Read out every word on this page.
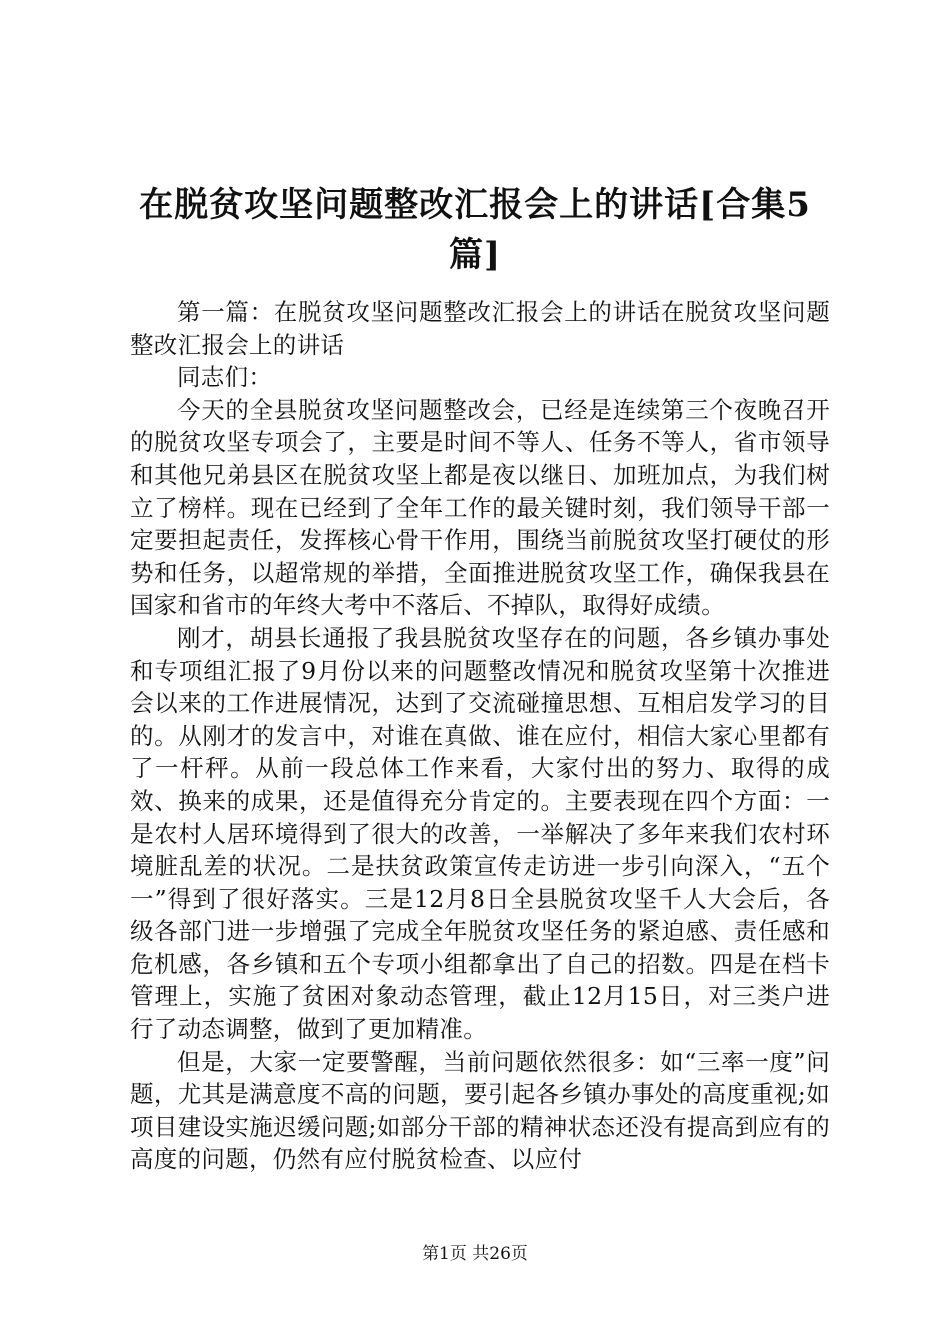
在脱贫攻坚问题整改汇报会上的讲话[合集5篇]

第一篇：在脱贫攻坚问题整改汇报会上的讲话在脱贫攻坚问题整改汇报会上的讲话

同志们：

今天的全县脱贫攻坚问题整改会，已经是连续第三个夜晚召开的脱贫攻坚专项会了，主要是时间不等人、任务不等人，省市领导和其他兄弟县区在脱贫攻坚上都是夜以继日、加班加点，为我们树立了榜样。现在已经到了全年工作的最关键时刻，我们领导干部一定要担起责任，发挥核心骨干作用，围绕当前脱贫攻坚打硬仗的形势和任务，以超常规的举措，全面推进脱贫攻坚工作，确保我县在国家和省市的年终大考中不落后、不掉队，取得好成绩。

刚才，胡县长通报了我县脱贫攻坚存在的问题，各乡镇办事处和专项组汇报了9月份以来的问题整改情况和脱贫攻坚第十次推进会以来的工作进展情况，达到了交流碰撞思想、互相启发学习的目的。从刚才的发言中，对谁在真做、谁在应付，相信大家心里都有了一杆秤。从前一段总体工作来看，大家付出的努力、取得的成效、换来的成果，还是值得充分肯定的。主要表现在四个方面：一是农村人居环境得到了很大的改善，一举解决了多年来我们农村环境脏乱差的状况。二是扶贫政策宣传走访进一步引向深入，“五个一”得到了很好落实。三是12月8日全县脱贫攻坚千人大会后，各级各部门进一步增强了完成全年脱贫攻坚任务的紧迫感、责任感和危机感，各乡镇和五个专项小组都拿出了自己的招数。四是在档卡管理上，实施了贫困对象动态管理，截止12月15日，对三类户进行了动态调整，做到了更加精准。

但是，大家一定要警醒，当前问题依然很多：如“三率一度”问题，尤其是满意度不高的问题，要引起各乡镇办事处的高度重视;如项目建设实施迟缓问题;如部分干部的精神状态还没有提高到应有的高度的问题，仍然有应付脱贫检查、以应付

第1页 共26页
